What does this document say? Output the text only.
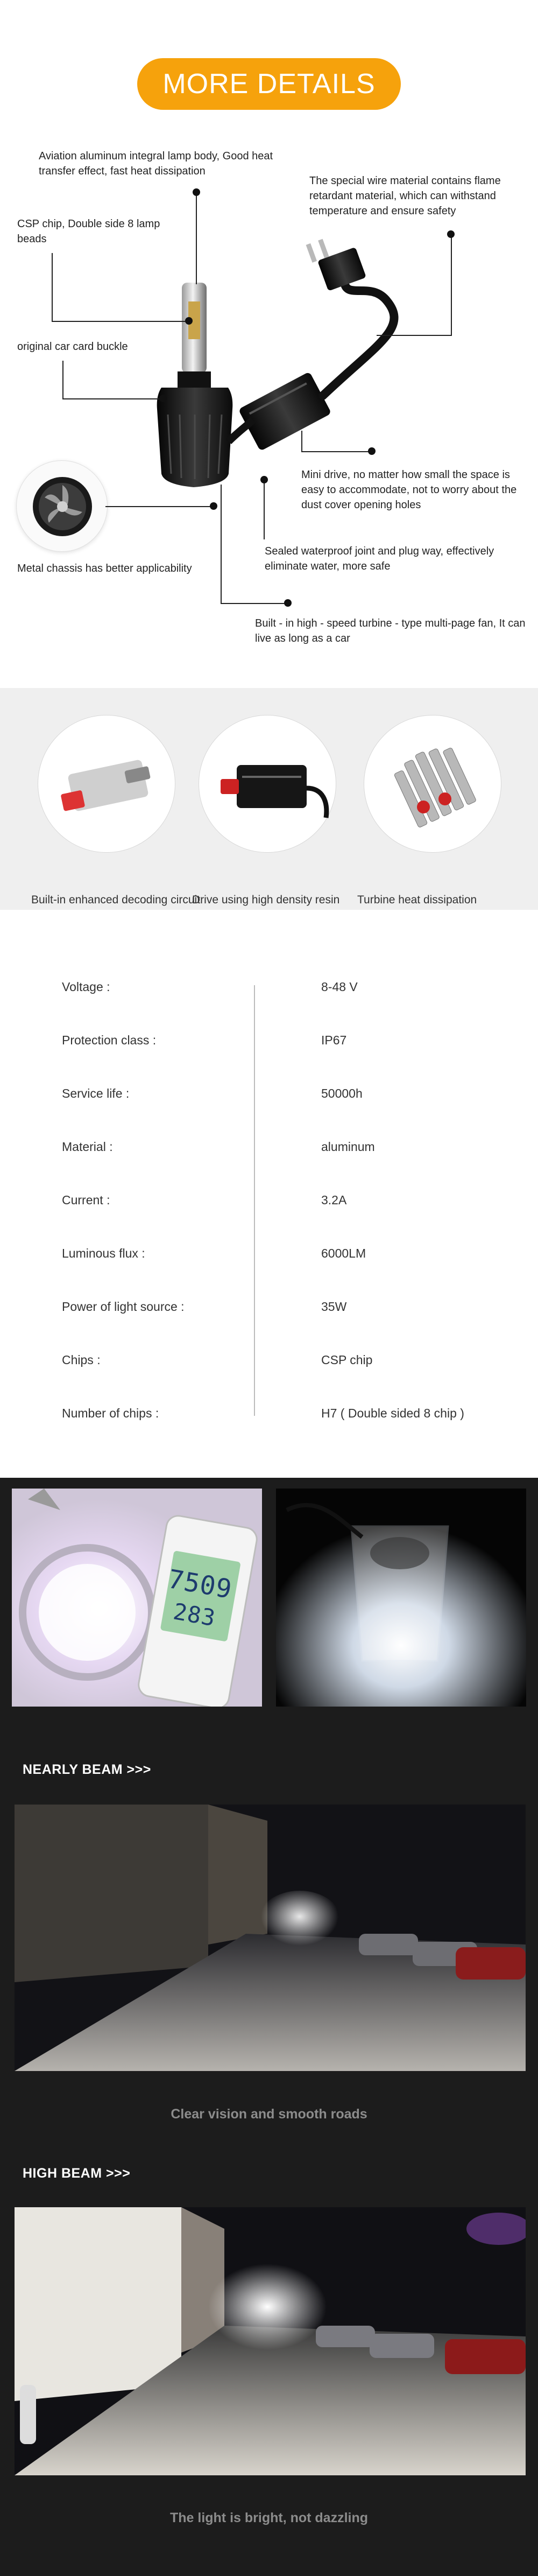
MORE DETAILS
Aviation aluminum integral lamp body, Good heat transfer effect, fast heat dissipation
CSP chip, Double side 8 lamp beads
original car card buckle
The special wire material contains flame retardant material, which can withstand temperature and ensure safety
Mini drive, no matter how small the space is easy to accommodate, not to worry about the dust cover opening holes
Sealed waterproof joint and plug way, effectively eliminate water, more safe
Metal chassis has better applicability
Built - in high - speed turbine - type multi-page fan, It can live as long as a car
Built-in enhanced decoding circuit
Drive using high density resin	Turbine heat dissipation
Voltage :	8-48 V
Protection class :	IP67
Service life :	50000h
Material :	aluminum
Current :	3.2A
Luminous flux :	6000LM
Power of light source :	35W
Chips :	CSP chip
Number of chips :	H7 ( Double sided 8 chip )
7509
283
NEARLY BEAM >>>
Clear vision and smooth roads
HIGH BEAM >>>
The light is bright, not dazzling
